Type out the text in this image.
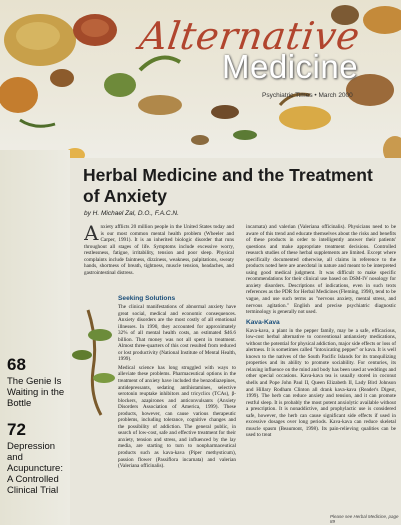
Alternative
Medicine
Psychiatric Times • March 2000
68
The Genie Is Waiting in the Bottle
72
Depression and Acupuncture: A Controlled Clinical Trial
Herbal Medicine and the Treatment of Anxiety
by H. Michael Zal, D.O., F.A.C.N.
A nxiety afflicts 20 million people in the United States today and is our most common mental health problem (Wheeler and Carper, 1991). It is an inherited biologic disorder that runs throughout all stages of life. Symptoms include excessive worry, restlessness, fatigue, irritability, tension and poor sleep. Physical complaints include faintness, dizziness, weakness, palpitations, sweaty hands, shortness of breath, tightness, muscle tension, headaches, and gastrointestinal distress.
Seeking Solutions

The clinical manifestations of abnormal anxiety have great social, medical and economic consequences. Anxiety disorders are the most costly of all emotional illnesses. In 1990, they accounted for approximately 32% of all mental health costs, an estimated $46.6 billion. That money was not all spent in treatment. Almost three-quarters of this cost resulted from reduced or lost productivity (National Institute of Mental Health, 1999).

Medical science has long struggled with ways to alleviate these problems. Pharmaceutical options in the treatment of anxiety have included the benzodiazepines, antidepressants, sedating antihistamines, selective serotonin reuptake inhibitors and tricyclics (TCAs), β-blockers, azapirones and anticonvulsants (Anxiety Disorders Association of America, 1999). These products, however, can cause various therapeutic problems, including tolerance, cognitive changes and the possibility of addiction. The general public, in search of low-cost, safe and effective treatment for their anxiety, tension and stress, and influenced by the lay media, are starting to turn to nonpharmaceutical products such as kava-kava (Piper methysticum), passion flower (Passiflora incarnata) and valerian (Valeriana officinalis).

incarnata) and valerian (Valeriana officinalis). Physicians need to be aware of this trend and educate themselves about the risks and benefits of these products in order to intelligently answer their patients' questions and make appropriate treatment decisions. Controlled research studies of these herbal supplements are limited. Except where specifically documented otherwise, all claims in reference to the products noted here are anecdotal in nature and meant to be interpreted using good medical judgment. It was difficult to make specific recommendations for their clinical use based on DSM-IV nosology for anxiety disorders. Descriptions of indications, even in such texts references as the PDR for Herbal Medicines (Fleming, 1998), tend to be vague, and use such terms as "nervous anxiety, mental stress, and nervous agitation." English and precise psychiatric diagnostic terminology is generally not used.

Kava-Kava

Kava-kava, a plant in the pepper family, may be a safe, efficacious, low-cost herbal alternative to conventional antianxiety medications, without the potential for physical addiction, major side effects or loss of alertness. It is sometimes called "intoxicating pepper" or kava. It is well known to the natives of the South Pacific Islands for its tranquilizing properties and its ability to promote sociability. For centuries, its relaxing influence on the mind and body has been used at weddings and other special occasions. Kava-kava tea is usually stored in coconut shells and Pope John Paul II, Queen Elizabeth II, Lady Bird Johnson and Hillary Rodham Clinton all drank kava-kava (Reader's Digest, 1999). The herb can reduce anxiety and tension, and it can promote restful sleep. It is probably the most potent anxiolytic available without a prescription. It is nonaddictive, and prophylactic use is considered safe, however, the herb can cause significant side effects if used in excessive dosages over long periods. Kava-kava can reduce skeletal muscle spasm (Beaumont, 1998). Its pain-relieving qualities can be used to treat

Please see Herbal Medicine, page 89
